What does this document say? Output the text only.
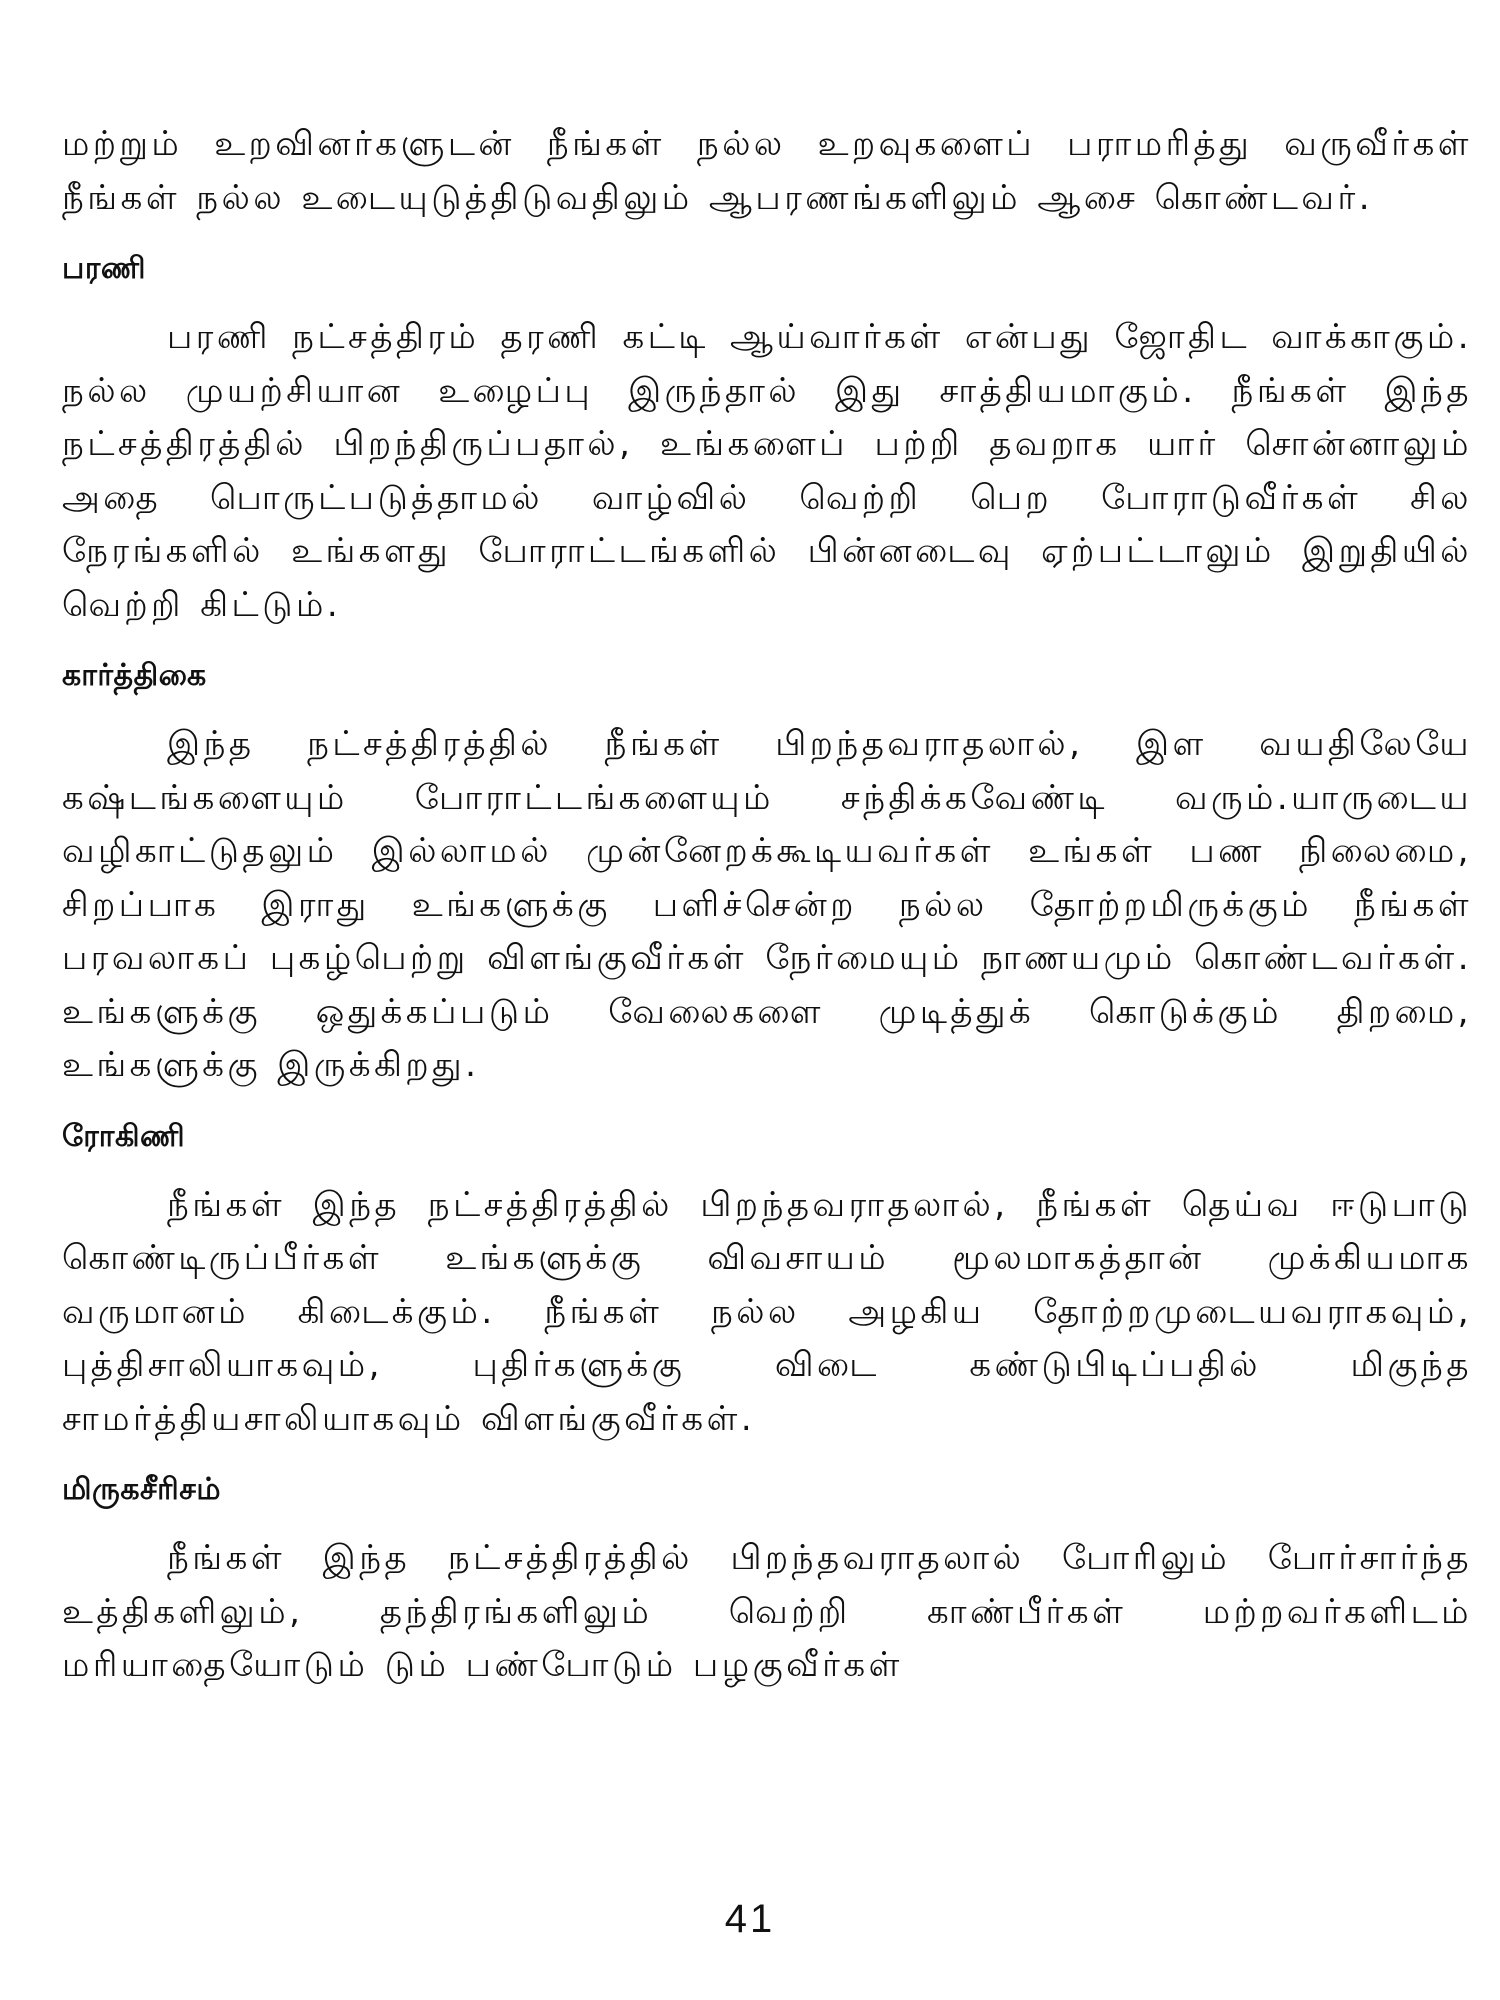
மற்றும் உறவினர்களுடன் நீங்கள் நல்ல உறவுகளைப் பராமரித்து வருவீர்கள் நீங்கள் நல்ல உடையுடுத்திடுவதிலும் ஆபரணங்களிலும் ஆசை கொண்டவர்.

பரணி

பரணி நட்சத்திரம் தரணி கட்டி ஆய்வார்கள் என்பது ஜோதிட வாக்காகும். நல்ல முயற்சியான உழைப்பு இருந்தால் இது சாத்தியமாகும். நீங்கள் இந்த நட்சத்திரத்தில் பிறந்திருப்பதால், உங்களைப் பற்றி தவறாக யார் சொன்னாலும் அதை பொருட்படுத்தாமல் வாழ்வில் வெற்றி பெற போராடுவீர்கள் சில நேரங்களில் உங்களது போராட்டங்களில் பின்னடைவு ஏற்பட்டாலும் இறுதியில் வெற்றி கிட்டும்.

கார்த்திகை

இந்த நட்சத்திரத்தில் நீங்கள் பிறந்தவராதலால், இள வயதிலேயே கஷ்டங்களையும் போராட்டங்களையும் சந்திக்கவேண்டி வரும்.யாருடைய வழிகாட்டுதலும் இல்லாமல் முன்னேறக்கூடியவர்கள் உங்கள் பண நிலைமை, சிறப்பாக இராது உங்களுக்கு பளிச்சென்ற நல்ல தோற்றமிருக்கும் நீங்கள் பரவலாகப் புகழ்பெற்று விளங்குவீர்கள் நேர்மையும் நாணயமும் கொண்டவர்கள். உங்களுக்கு ஒதுக்கப்படும் வேலைகளை முடித்துக் கொடுக்கும் திறமை, உங்களுக்கு இருக்கிறது.

ரோகிணி

நீங்கள் இந்த நட்சத்திரத்தில் பிறந்தவராதலால், நீங்கள் தெய்வ ஈடுபாடு கொண்டிருப்பீர்கள் உங்களுக்கு விவசாயம் மூலமாகத்தான் முக்கியமாக வருமானம் கிடைக்கும். நீங்கள் நல்ல அழகிய தோற்றமுடையவராகவும், புத்திசாலியாகவும், புதிர்களுக்கு விடை கண்டுபிடிப்பதில் மிகுந்த சாமர்த்தியசாலியாகவும் விளங்குவீர்கள்.

மிருகசீரிசம்

நீங்கள் இந்த நட்சத்திரத்தில் பிறந்தவராதலால் போரிலும் போர்சார்ந்த உத்திகளிலும், தந்திரங்களிலும் வெற்றி காண்பீர்கள் மற்றவர்களிடம் மரியாதையோடும் டும் பண்போடும் பழகுவீர்கள்

41
